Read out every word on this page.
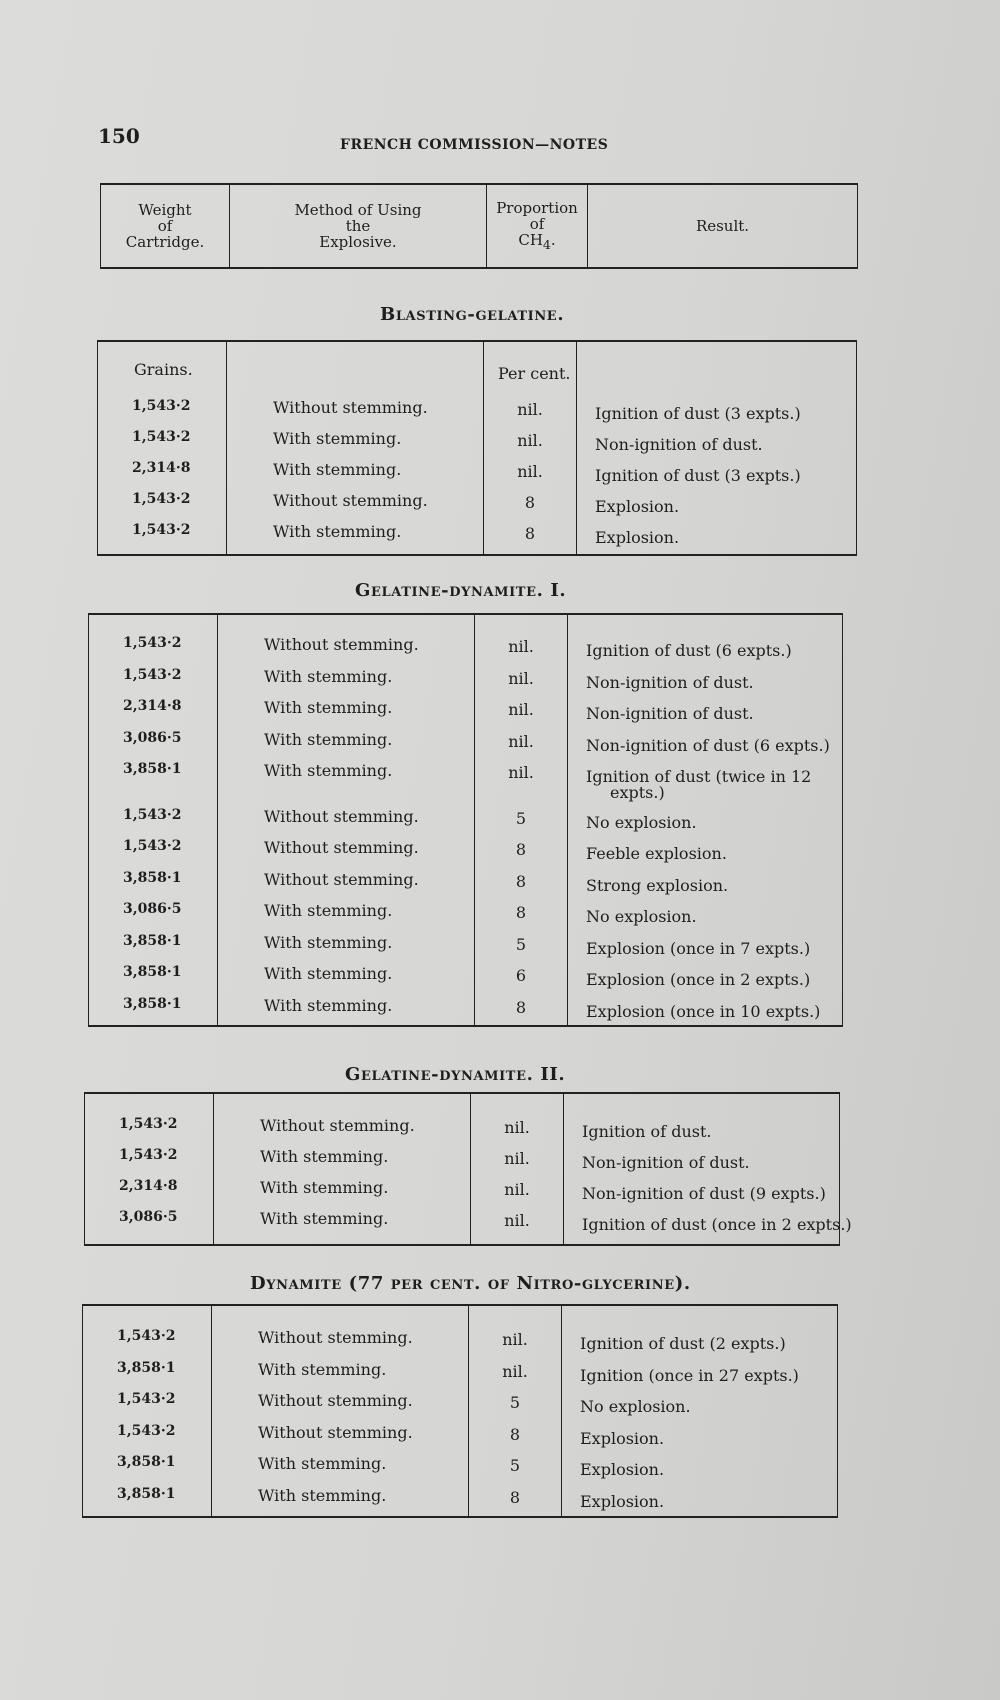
150	FRENCH COMMISSION—NOTES
Weight
of
Cartridge.
Method of Using
the
Explosive.
Proportion
of
$CH_4$.
Result.
Blasting-gelatine.
Grains.
1,543·2
1,543·2
2,314·8
1,543·2
1,543·2
Without stemming.
With stemming.
With stemming.
Without stemming.
With stemming.
Per cent.
nil.
nil.
nil.
8
8
Ignition of dust (3 expts.)
Non-ignition of dust.
Ignition of dust (3 expts.)
Explosion.
Explosion.
Gelatine-dynamite. I.
1,543·2
1,543·2
2,314·8
3,086·5
3,858·1
1,543·2
1,543·2
3,858·1
3,086·5
3,858·1
3,858·1
3,858·1
Without stemming.
With stemming.
With stemming.
With stemming.
With stemming.
Without stemming.
Without stemming.
Without stemming.
With stemming.
With stemming.
With stemming.
With stemming.
nil.
nil.
nil.
nil.
nil.
5
8
8
8
5
6
8
Ignition of dust (6 expts.)
Non-ignition of dust.
Non-ignition of dust.
Non-ignition of dust (6 expts.)
Ignition of dust (twice in 12
expts.)
No explosion.
Feeble explosion.
Strong explosion.
No explosion.
Explosion (once in 7 expts.)
Explosion (once in 2 expts.)
Explosion (once in 10 expts.)
Gelatine-dynamite. II.
1,543·2
1,543·2
2,314·8
3,086·5
Without stemming.
With stemming.
With stemming.
With stemming.
nil.
nil.
nil.
nil.
Ignition of dust.
Non-ignition of dust.
Non-ignition of dust (9 expts.)
Ignition of dust (once in 2 expts.)
Dynamite (77 per cent. of Nitro-glycerine).
1,543·2
3,858·1
1,543·2
1,543·2
3,858·1
3,858·1
Without stemming.
With stemming.
Without stemming.
Without stemming.
With stemming.
With stemming.
nil.
nil.
5
8
5
8
Ignition of dust (2 expts.)
Ignition (once in 27 expts.)
No explosion.
Explosion.
Explosion.
Explosion.
